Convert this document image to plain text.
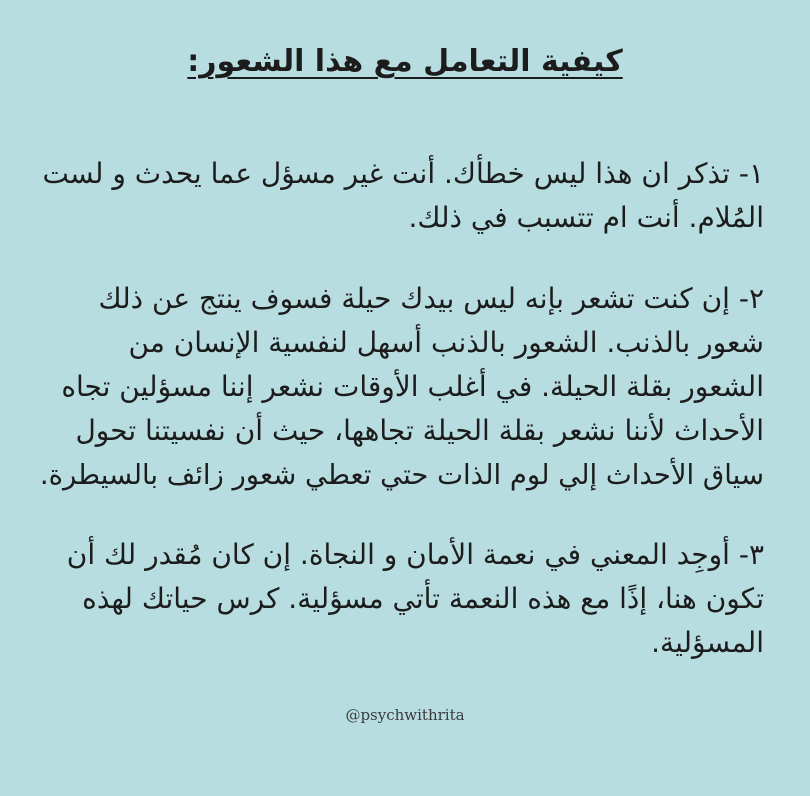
كيفية التعامل مع هذا الشعور:

١- تذكر ان هذا ليس خطأك. أنت غير مسؤل عما يحدث و لست
المُلام. أنت ام تتسبب في ذلك.

٢- إن كنت تشعر بإنه ليس بيدك حيلة فسوف ينتج عن ذلك
شعور بالذنب. الشعور بالذنب أسهل لنفسية الإنسان من
الشعور بقلة الحيلة. في أغلب الأوقات نشعر إننا مسؤلين تجاه
الأحداث لأننا نشعر بقلة الحيلة تجاهها، حيث أن نفسيتنا تحول
سياق الأحداث إلي لوم الذات حتي تعطي شعور زائف بالسيطرة.

٣- أوجِد المعني في نعمة الأمان و النجاة. إن كان مُقدر لك أن
تكون هنا، إذًا مع هذه النعمة تأتي مسؤلية. كرس حياتك لهذه
المسؤلية.

@psychwithrita
